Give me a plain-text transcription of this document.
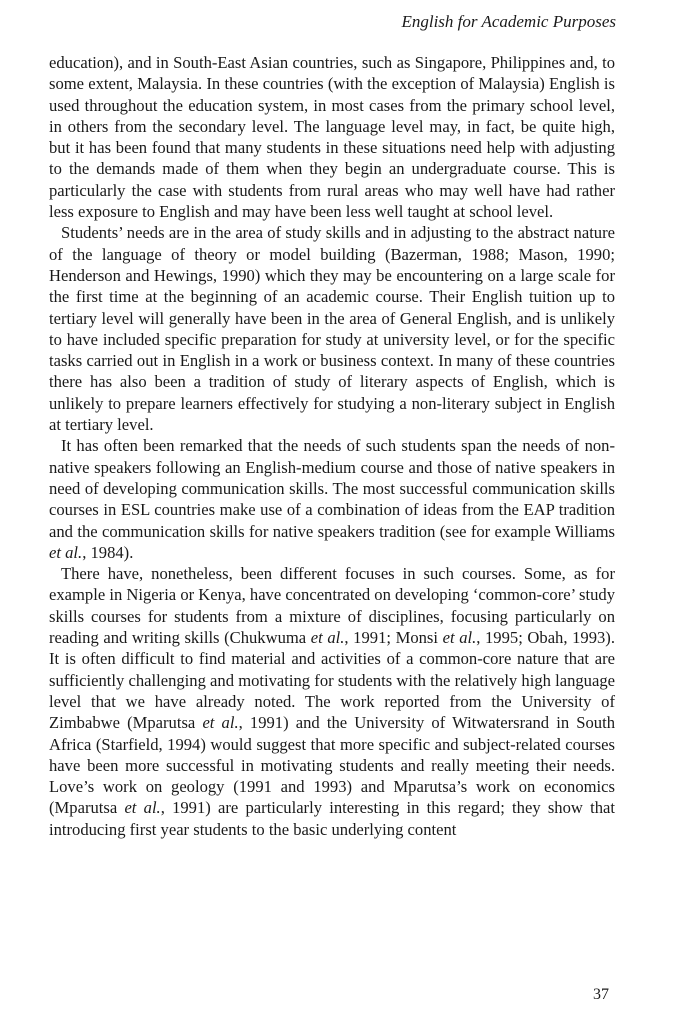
English for Academic Purposes

education), and in South-East Asian countries, such as Singapore, Philippines and, to some extent, Malaysia. In these countries (with the exception of Malaysia) English is used throughout the education system, in most cases from the primary school level, in others from the secondary level. The language level may, in fact, be quite high, but it has been found that many students in these situations need help with adjusting to the demands made of them when they begin an undergraduate course. This is particularly the case with students from rural areas who may well have had rather less exposure to English and may have been less well taught at school level.

Students’ needs are in the area of study skills and in adjusting to the abstract nature of the language of theory or model building (Bazerman, 1988; Mason, 1990; Henderson and Hewings, 1990) which they may be encountering on a large scale for the first time at the beginning of an academic course. Their English tuition up to tertiary level will generally have been in the area of General English, and is unlikely to have included specific preparation for study at university level, or for the specific tasks carried out in English in a work or business context. In many of these countries there has also been a tradition of study of literary aspects of English, which is unlikely to prepare learners effectively for studying a non-literary subject in English at tertiary level.

It has often been remarked that the needs of such students span the needs of non-native speakers following an English-medium course and those of native speakers in need of developing communication skills. The most successful communication skills courses in ESL countries make use of a combination of ideas from the EAP tradition and the communication skills for native speakers tradition (see for example Williams et al., 1984).

There have, nonetheless, been different focuses in such courses. Some, as for example in Nigeria or Kenya, have concentrated on developing ‘common-core’ study skills courses for students from a mixture of disciplines, focusing particularly on reading and writing skills (Chukwuma et al., 1991; Monsi et al., 1995; Obah, 1993). It is often difficult to find material and activities of a common-core nature that are sufficiently challenging and motivating for students with the relatively high language level that we have already noted. The work reported from the University of Zimbabwe (Mparutsa et al., 1991) and the University of Witwatersrand in South Africa (Starfield, 1994) would suggest that more specific and subject-related courses have been more successful in motivating students and really meeting their needs. Love’s work on geology (1991 and 1993) and Mparutsa’s work on economics (Mparutsa et al., 1991) are particularly interesting in this regard; they show that introducing first year students to the basic underlying content

37
